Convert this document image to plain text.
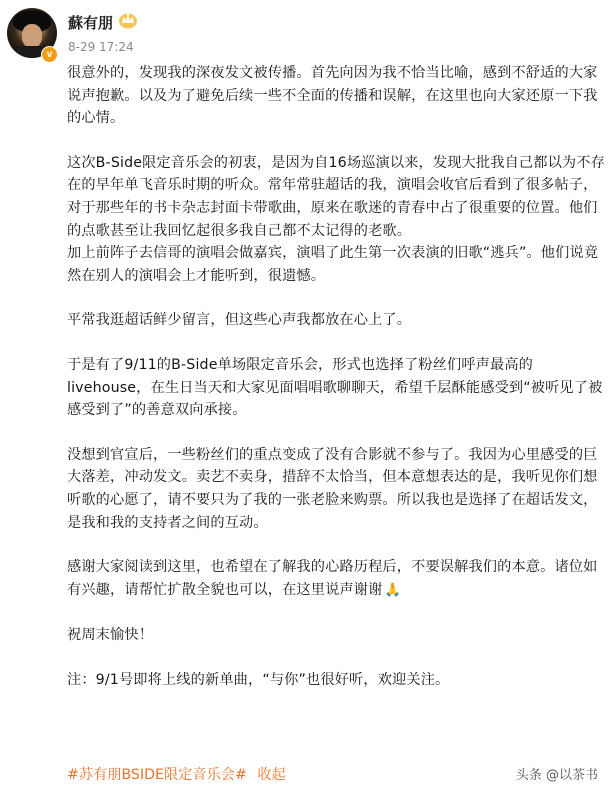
v
蘇有朋
8-29 17:24

很意外的，发现我的深夜发文被传播。首先向因为我不恰当比喻，感到不舒适的大家说声抱歉。以及为了避免后续一些不全面的传播和误解，在这里也向大家还原一下我的心情。

这次B-Side限定音乐会的初衷，是因为自16场巡演以来，发现大批我自己都以为不存在的早年单飞音乐时期的听众。常年常驻超话的我，演唱会收官后看到了很多帖子，对于那些年的书卡杂志封面卡带歌曲，原来在歌迷的青春中占了很重要的位置。他们的点歌甚至让我回忆起很多我自己都不太记得的老歌。

加上前阵子去信哥的演唱会做嘉宾，演唱了此生第一次表演的旧歌“逃兵”。他们说竟然在别人的演唱会上才能听到，很遗憾。

平常我逛超话鲜少留言，但这些心声我都放在心上了。

于是有了9/11的B-Side单场限定音乐会，形式也选择了粉丝们呼声最高的livehouse，在生日当天和大家见面唱唱歌聊聊天，希望千层酥能感受到“被听见了被感受到了”的善意双向承接。

没想到官宣后，一些粉丝们的重点变成了没有合影就不参与了。我因为心里感受的巨大落差，冲动发文。卖艺不卖身，措辞不太恰当，但本意想表达的是，我听见你们想听歌的心愿了，请不要只为了我的一张老脸来购票。所以我也是选择了在超话发文，是我和我的支持者之间的互动。

感谢大家阅读到这里，也希望在了解我的心路历程后，不要误解我们的本意。诸位如有兴趣，请帮忙扩散全貌也可以，在这里说声谢谢 🙏

祝周末愉快！

注：9/1号即将上线的新单曲，“与你”也很好听，欢迎关注。

#苏有朋BSIDE限定音乐会# 收起	头条 @以茶书
